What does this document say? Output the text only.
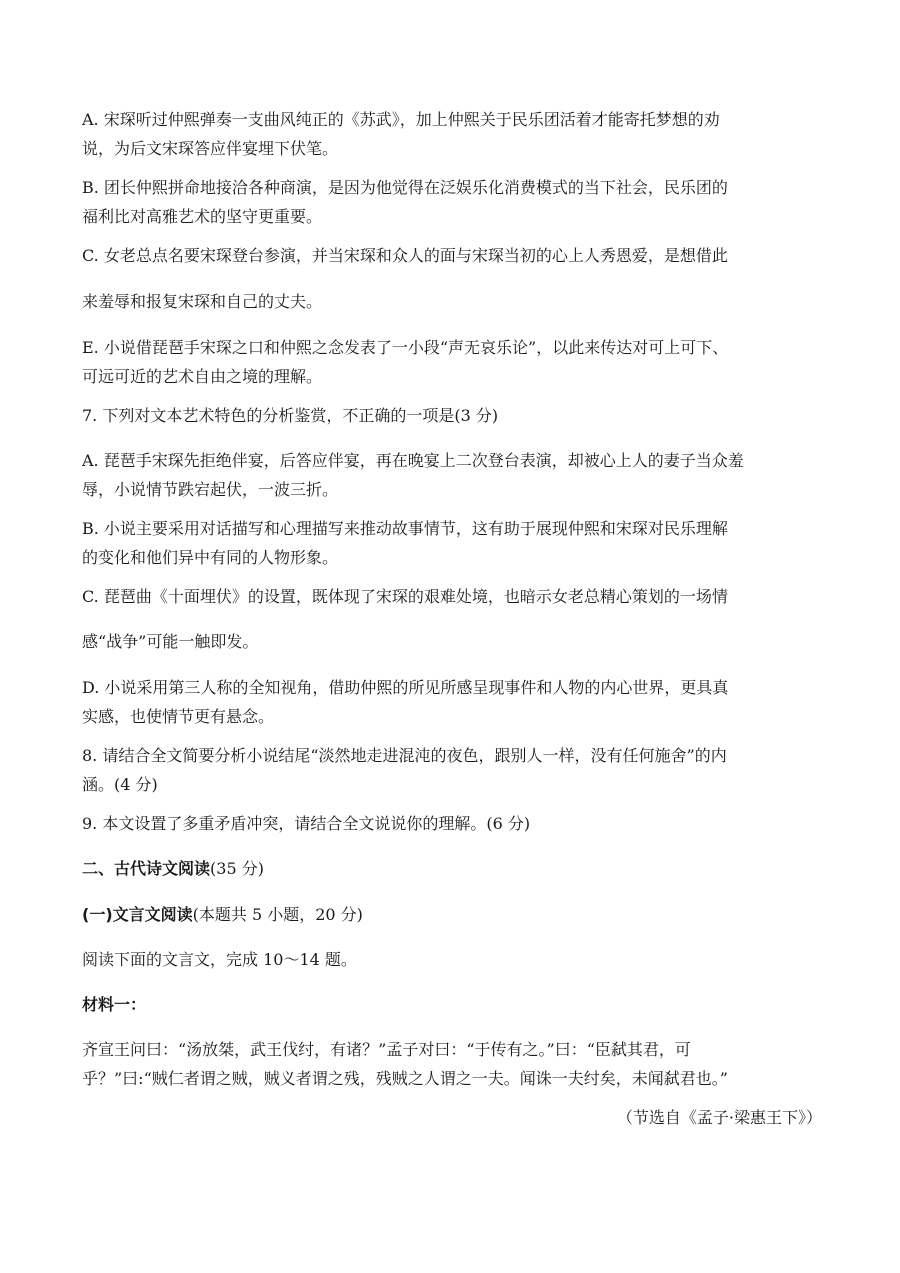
A. 宋琛听过仲熙弹奏一支曲风纯正的《苏武》，加上仲熙关于民乐团活着才能寄托梦想的劝
说，为后文宋琛答应伴宴埋下伏笔。
B. 团长仲熙拼命地接洽各种商演，是因为他觉得在泛娱乐化消费模式的当下社会，民乐团的
福利比对高雅艺术的坚守更重要。
C. 女老总点名要宋琛登台参演，并当宋琛和众人的面与宋琛当初的心上人秀恩爱，是想借此
来羞辱和报复宋琛和自己的丈夫。
E. 小说借琵琶手宋琛之口和仲熙之念发表了一小段“声无哀乐论”，以此来传达对可上可下、
可远可近的艺术自由之境的理解。
7. 下列对文本艺术特色的分析鉴赏，不正确的一项是(3 分)
A. 琵琶手宋琛先拒绝伴宴，后答应伴宴，再在晚宴上二次登台表演，却被心上人的妻子当众羞
辱，小说情节跌宕起伏，一波三折。
B. 小说主要采用对话描写和心理描写来推动故事情节，这有助于展现仲熙和宋琛对民乐理解
的变化和他们异中有同的人物形象。
C. 琵琶曲《十面埋伏》的设置，既体现了宋琛的艰难处境，也暗示女老总精心策划的一场情
感“战争”可能一触即发。
D. 小说采用第三人称的全知视角，借助仲熙的所见所感呈现事件和人物的内心世界，更具真
实感，也使情节更有悬念。
8. 请结合全文简要分析小说结尾“淡然地走进混沌的夜色，跟别人一样，没有任何施舍”的内
涵。(4 分)
9. 本文设置了多重矛盾冲突，请结合全文说说你的理解。(6 分)
二、古代诗文阅读(35 分)
(一)文言文阅读(本题共 5 小题，20 分)
阅读下面的文言文，完成 10～14 题。
材料一：
齐宣王问曰：“汤放桀，武王伐纣，有诸？”孟子对曰：“于传有之。”曰：“臣弑其君，可
乎？”曰:“贼仁者谓之贼，贼义者谓之残，残贼之人谓之一夫。闻诛一夫纣矣，未闻弑君也。”
（节选自《孟子·梁惠王下》）
